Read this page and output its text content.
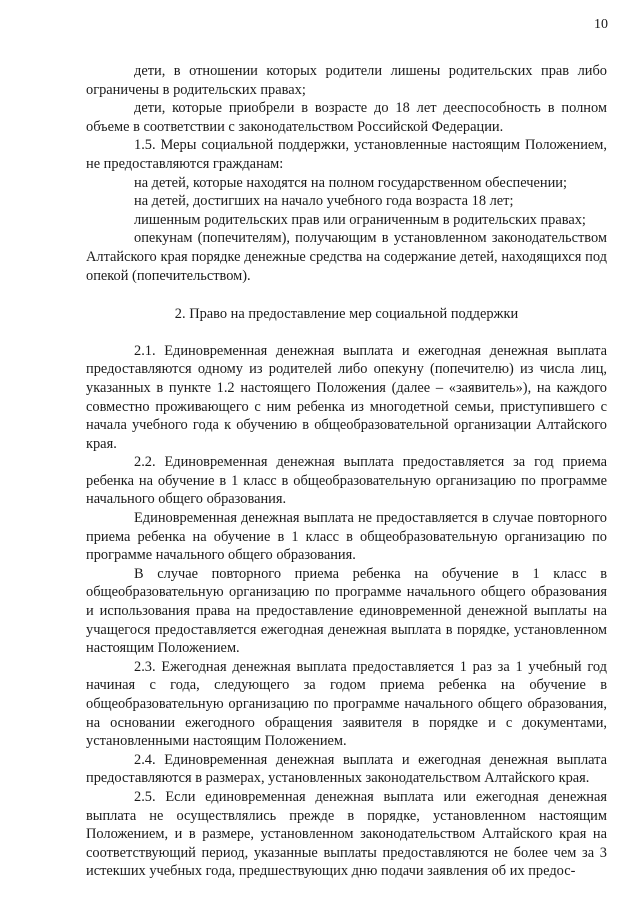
10

дети, в отношении которых родители лишены родительских прав либо ограничены в родительских правах;

дети, которые приобрели в возрасте до 18 лет дееспособность в полном объеме в соответствии с законодательством Российской Федерации.

1.5. Меры социальной поддержки, установленные настоящим Положением, не предоставляются гражданам:

на детей, которые находятся на полном государственном обеспечении;

на детей, достигших на начало учебного года возраста 18 лет;

лишенным родительских прав или ограниченным в родительских правах;

опекунам (попечителям), получающим в установленном законодательством Алтайского края порядке денежные средства на содержание детей, находящихся под опекой (попечительством).

2. Право на предоставление мер социальной поддержки

2.1. Единовременная денежная выплата и ежегодная денежная выплата предоставляются одному из родителей либо опекуну (попечителю) из числа лиц, указанных в пункте 1.2 настоящего Положения (далее – «заявитель»), на каждого совместно проживающего с ним ребенка из многодетной семьи, приступившего с начала учебного года к обучению в общеобразовательной организации Алтайского края.

2.2. Единовременная денежная выплата предоставляется за год приема ребенка на обучение в 1 класс в общеобразовательную организацию по программе начального общего образования.

Единовременная денежная выплата не предоставляется в случае повторного приема ребенка на обучение в 1 класс в общеобразовательную организацию по программе начального общего образования.

В случае повторного приема ребенка на обучение в 1 класс в общеобразовательную организацию по программе начального общего образования и использования права на предоставление единовременной денежной выплаты на учащегося предоставляется ежегодная денежная выплата в порядке, установленном настоящим Положением.

2.3. Ежегодная денежная выплата предоставляется 1 раз за 1 учебный год начиная с года, следующего за годом приема ребенка на обучение в общеобразовательную организацию по программе начального общего образования, на основании ежегодного обращения заявителя в порядке и с документами, установленными настоящим Положением.

2.4. Единовременная денежная выплата и ежегодная денежная выплата предоставляются в размерах, установленных законодательством Алтайского края.

2.5. Если единовременная денежная выплата или ежегодная денежная выплата не осуществлялись прежде в порядке, установленном настоящим Положением, и в размере, установленном законодательством Алтайского края на соответствующий период, указанные выплаты предоставляются не более чем за 3 истекших учебных года, предшествующих дню подачи заявления об их предос-
